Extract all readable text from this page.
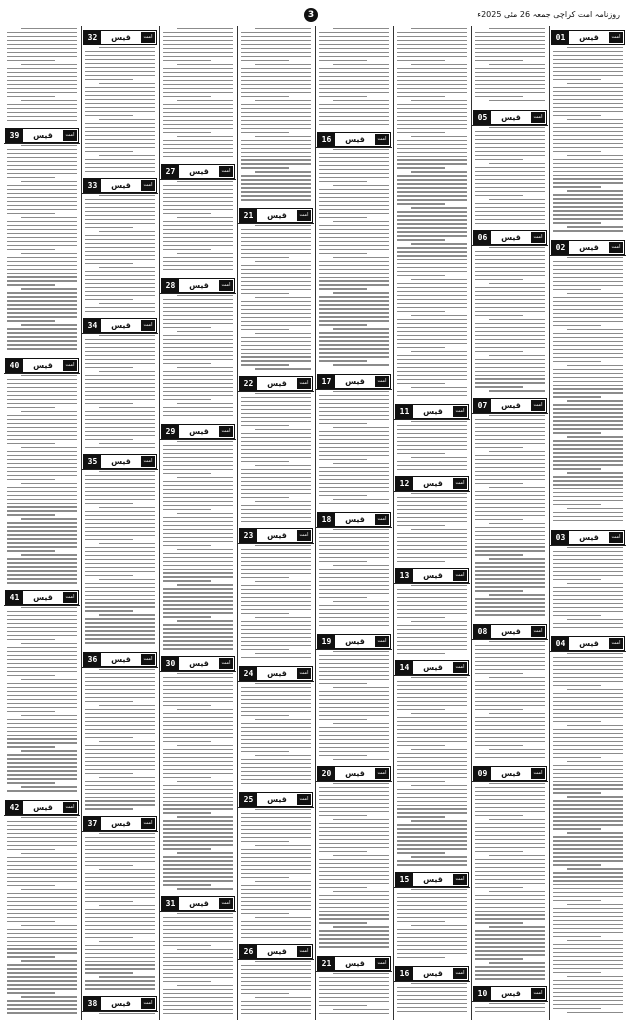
روزنامہ امت کراچی جمعہ 26 مئی 2025ء
3
01	قیس	امت
02	قیس	امت
03	قیس	امت
04	قیس	امت
05	قیس	امت
06	قیس	امت
07	قیس	امت
08	قیس	امت
09	قیس	امت
10	قیس	امت
11	قیس	امت
12	قیس	امت
13	قیس	امت
14	قیس	امت
15	قیس	امت
16	قیس	امت
16	قیس	امت
17	قیس	امت
18	قیس	امت
19	قیس	امت
20	قیس	امت
21	قیس	امت
21	قیس	امت
22	قیس	امت
23	قیس	امت
24	قیس	امت
25	قیس	امت
26	قیس	امت
27	قیس	امت
28	قیس	امت
29	قیس	امت
30	قیس	امت
31	قیس	امت
32	قیس	امت
33	قیس	امت
34	قیس	امت
35	قیس	امت
36	قیس	امت
37	قیس	امت
38	قیس	امت
39	قیس	امت
40	قیس	امت
41	قیس	امت
42	قیس	امت
